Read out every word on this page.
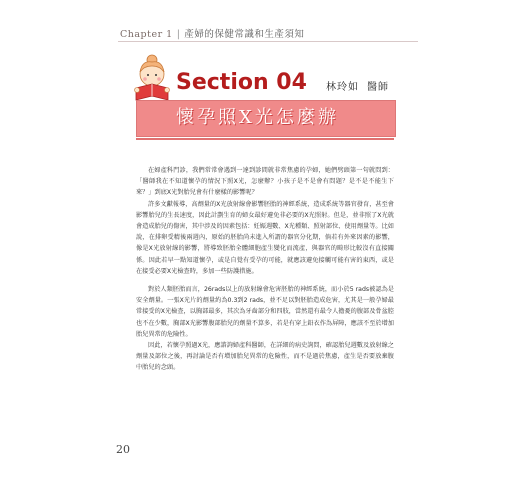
Chapter 1 | 產婦的保健常識和生產須知
Section 04 林玲如 醫師
懷孕照X光怎麼辦

在婦產科門診，我們常常會遇到一達到診間就非常焦慮的孕婦，她們劈頭第一句就問到：「醫師我在不知道懷孕的情況下照X光，怎麼辦？小孩子是不是會有問題？是不是不能生下來？」到底X光對胎兒會有什麼樣的影響呢？

許多文獻報導，高劑量的X光放射線會影響胚胎的神經系統，造成系統等器官發育，甚至會影響胎兒的生長速度，因此計劃生育的婦女最好避免非必要的X光照射。但是，並非照了X光就會造成胎兒的傷害，其中涉及的因素包括：妊娠週數、X光種類、照射部位、使用劑量等。比如說，在排卵受精後兩週內，原始的胚胎尚未進入所謂的器官分化期，倘若有外來因素的影響，像是X光放射線的影響，將導致胚胎全體細胞產生變化而流產，與器官的畸形比較沒有直接關係。因此若早一點知道懷孕，或是自覺有受孕的可能，就應該避免接觸可能有害的東西，或是在接受必要X光檢查時，多加一些防護措施。

對於人類胚胎而言，26rads以上的放射線會危害胚胎的神經系統，而小於5 rads被認為是安全劑量。一張X光片的劑量約為0.3到2 rads，並不足以對胚胎造成危害，尤其是一般孕婦最常接受的X光檢查，以胸部最多，其次為牙齒部分和四肢，當然還有最令人擔憂的腹部及骨盆腔也不在少數，胸部X光影響腹部胎兒的劑量不算多，若是有穿上鉛衣作為屏障，應該不至於增加胎兒異常的危險性。

因此，若懷孕照過X光，應諮詢婦產科醫師，在詳細的病史詢問，確認胎兒週數及放射線之劑量及部位之後，再討論是否有增加胎兒異常的危險性，而不是過於焦慮，產生是否要放棄腹中胎兒的念頭。

20
